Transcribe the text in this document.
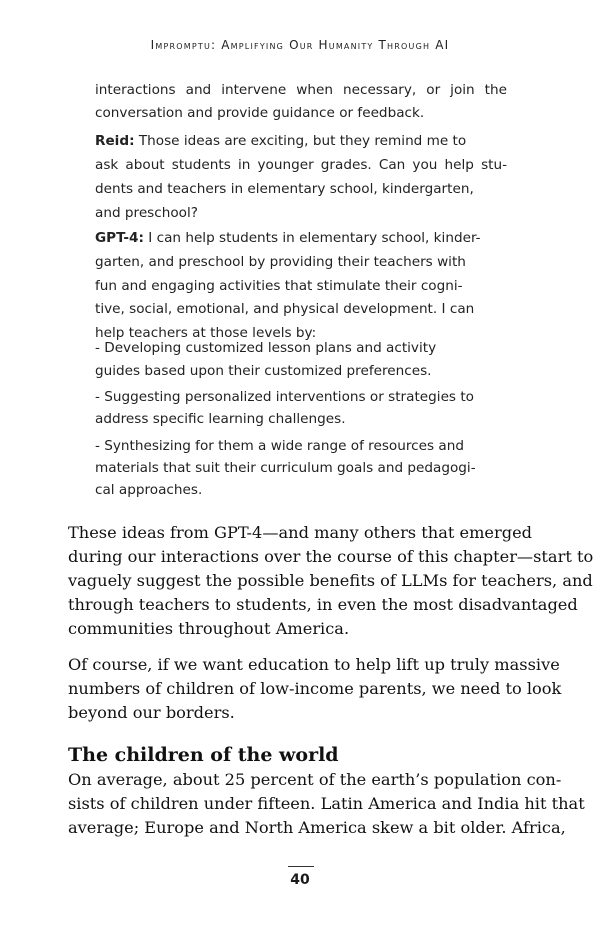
Impromptu: Amplifying Our Humanity Through AI
interactions and intervene when necessary, or join the
conversation and provide guidance or feedback.
Reid: Those ideas are exciting, but they remind me to
ask about students in younger grades. Can you help stu-
dents and teachers in elementary school, kindergarten,
and preschool?
GPT-4: I can help students in elementary school, kinder-
garten, and preschool by providing their teachers with
fun and engaging activities that stimulate their cogni-
tive, social, emotional, and physical development. I can
help teachers at those levels by:
- Developing customized lesson plans and activity
guides based upon their customized preferences.
- Suggesting personalized interventions or strategies to
address specific learning challenges.
- Synthesizing for them a wide range of resources and
materials that suit their curriculum goals and pedagogi-
cal approaches.
These ideas from GPT-4—and many others that emerged
during our interactions over the course of this chapter—start to
vaguely suggest the possible benefits of LLMs for teachers, and
through teachers to students, in even the most disadvantaged
communities throughout America.
Of course, if we want education to help lift up truly massive
numbers of children of low-income parents, we need to look
beyond our borders.
The children of the world
On average, about 25 percent of the earth’s population con-
sists of children under fifteen. Latin America and India hit that
average; Europe and North America skew a bit older. Africa,
40
